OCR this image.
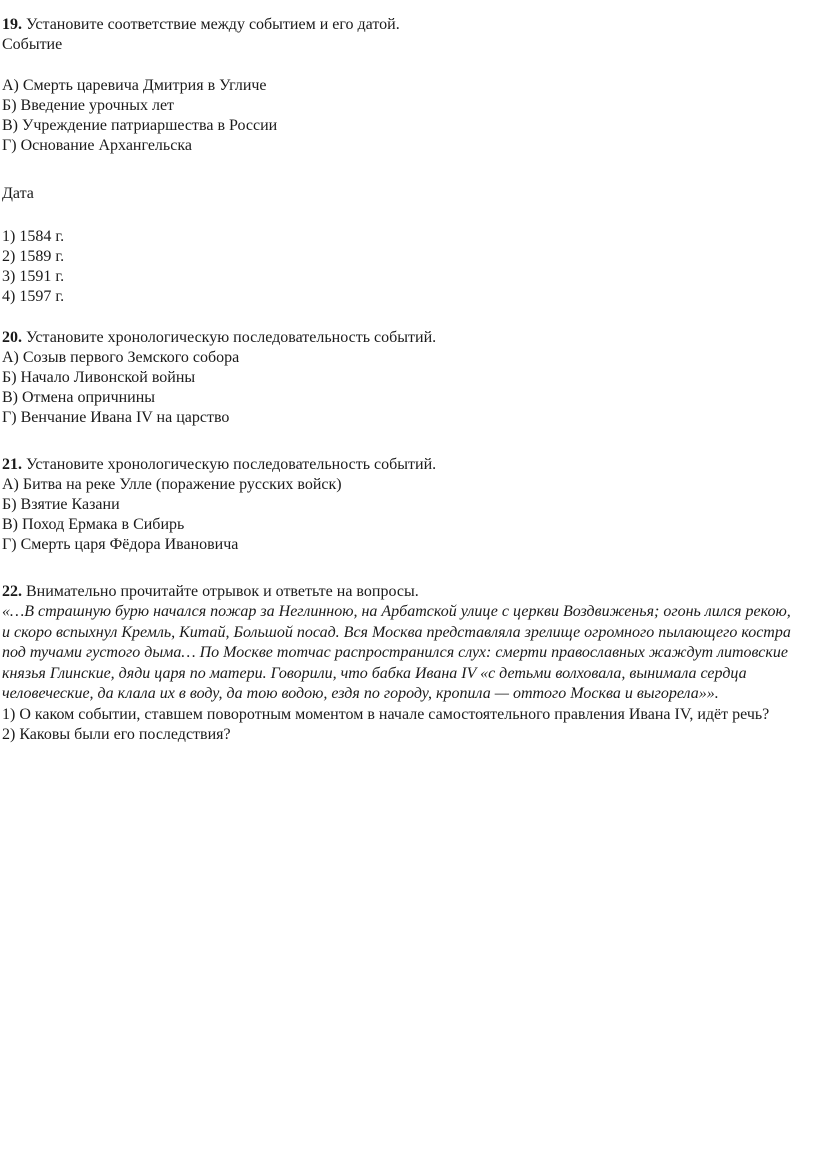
19. Установите соответствие между событием и его датой.
Событие
А) Смерть царевича Дмитрия в Угличе
Б) Введение урочных лет
В) Учреждение патриаршества в России
Г) Основание Архангельска
Дата
1) 1584 г.
2) 1589 г.
3) 1591 г.
4) 1597 г.
20. Установите хронологическую последовательность событий.
А) Созыв первого Земского собора
Б) Начало Ливонской войны
В) Отмена опричнины
Г) Венчание Ивана IV на царство
21. Установите хронологическую последовательность событий.
А) Битва на реке Улле (поражение русских войск)
Б) Взятие Казани
В) Поход Ермака в Сибирь
Г) Смерть царя Фёдора Ивановича
22. Внимательно прочитайте отрывок и ответьте на вопросы.
«…В страшную бурю начался пожар за Неглинною, на Арбатской улице с церкви Воздвиженья; огонь лился рекою, и скоро вспыхнул Кремль, Китай, Большой посад. Вся Москва представляла зрелище огромного пылающего костра под тучами густого дыма… По Москве тотчас распространился слух: смерти православных жаждут литовские князья Глинские, дяди царя по матери. Говорили, что бабка Ивана IV «с детьми волховала, вынимала сердца человеческие, да клала их в воду, да тою водою, ездя по городу, кропила — оттого Москва и выгорела»».
1) О каком событии, ставшем поворотным моментом в начале самостоятельного правления Ивана IV, идёт речь?
2) Каковы были его последствия?
